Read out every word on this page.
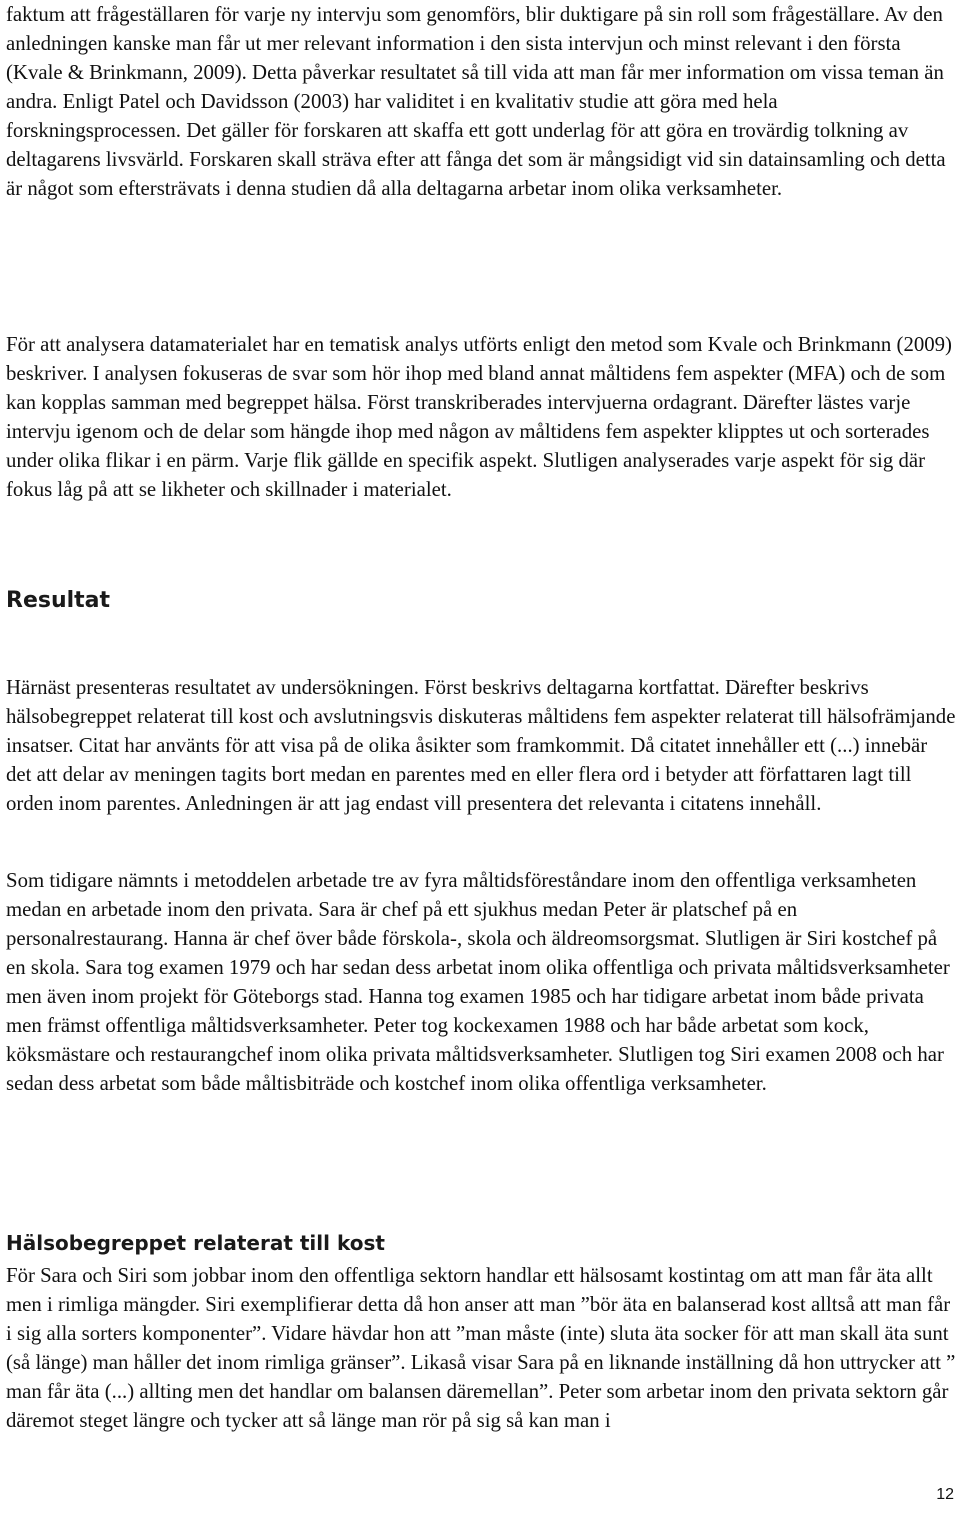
faktum att frågeställaren för varje ny intervju som genomförs, blir duktigare på sin roll som frågeställare. Av den anledningen kanske man får ut mer relevant information i den sista intervjun och minst relevant i den första (Kvale & Brinkmann, 2009). Detta påverkar resultatet så till vida att man får mer information om vissa teman än andra. Enligt Patel och Davidsson (2003) har validitet i en kvalitativ studie att göra med hela forskningsprocessen. Det gäller för forskaren att skaffa ett gott underlag för att göra en trovärdig tolkning av deltagarens livsvärld. Forskaren skall sträva efter att fånga det som är mångsidigt vid sin datainsamling och detta är något som eftersträvats i denna studien då alla deltagarna arbetar inom olika verksamheter.

För att analysera datamaterialet har en tematisk analys utförts enligt den metod som Kvale och Brinkmann (2009) beskriver. I analysen fokuseras de svar som hör ihop med bland annat måltidens fem aspekter (MFA) och de som kan kopplas samman med begreppet hälsa. Först transkriberades intervjuerna ordagrant. Därefter lästes varje intervju igenom och de delar som hängde ihop med någon av måltidens fem aspekter klipptes ut och sorterades under olika flikar i en pärm. Varje flik gällde en specifik aspekt. Slutligen analyserades varje aspekt för sig där fokus låg på att se likheter och skillnader i materialet.

Resultat

Härnäst presenteras resultatet av undersökningen. Först beskrivs deltagarna kortfattat. Därefter beskrivs hälsobegreppet relaterat till kost och avslutningsvis diskuteras måltidens fem aspekter relaterat till hälsofrämjande insatser. Citat har använts för att visa på de olika åsikter som framkommit. Då citatet innehåller ett (...) innebär det att delar av meningen tagits bort medan en parentes med en eller flera ord i betyder att författaren lagt till orden inom parentes. Anledningen är att jag endast vill presentera det relevanta i citatens innehåll.

Som tidigare nämnts i metoddelen arbetade tre av fyra måltidsföreståndare inom den offentliga verksamheten medan en arbetade inom den privata. Sara är chef på ett sjukhus medan Peter är platschef på en personalrestaurang. Hanna är chef över både förskola-, skola och äldreomsorgsmat. Slutligen är Siri kostchef på en skola. Sara tog examen 1979 och har sedan dess arbetat inom olika offentliga och privata måltidsverksamheter men även inom projekt för Göteborgs stad. Hanna tog examen 1985 och har tidigare arbetat inom både privata men främst offentliga måltidsverksamheter. Peter tog kockexamen 1988 och har både arbetat som kock, köksmästare och restaurangchef inom olika privata måltidsverksamheter. Slutligen tog Siri examen 2008 och har sedan dess arbetat som både måltisbiträde och kostchef inom olika offentliga verksamheter.

Hälsobegreppet relaterat till kost

För Sara och Siri som jobbar inom den offentliga sektorn handlar ett hälsosamt kostintag om att man får äta allt men i rimliga mängder. Siri exemplifierar detta då hon anser att man ”bör äta en balanserad kost alltså att man får i sig alla sorters komponenter”. Vidare hävdar hon att ”man måste (inte) sluta äta socker för att man skall äta sunt (så länge) man håller det inom rimliga gränser”. Likaså visar Sara på en liknande inställning då hon uttrycker att ” man får äta (...) allting men det handlar om balansen däremellan”. Peter som arbetar inom den privata sektorn går däremot steget längre och tycker att så länge man rör på sig så kan man i

12
